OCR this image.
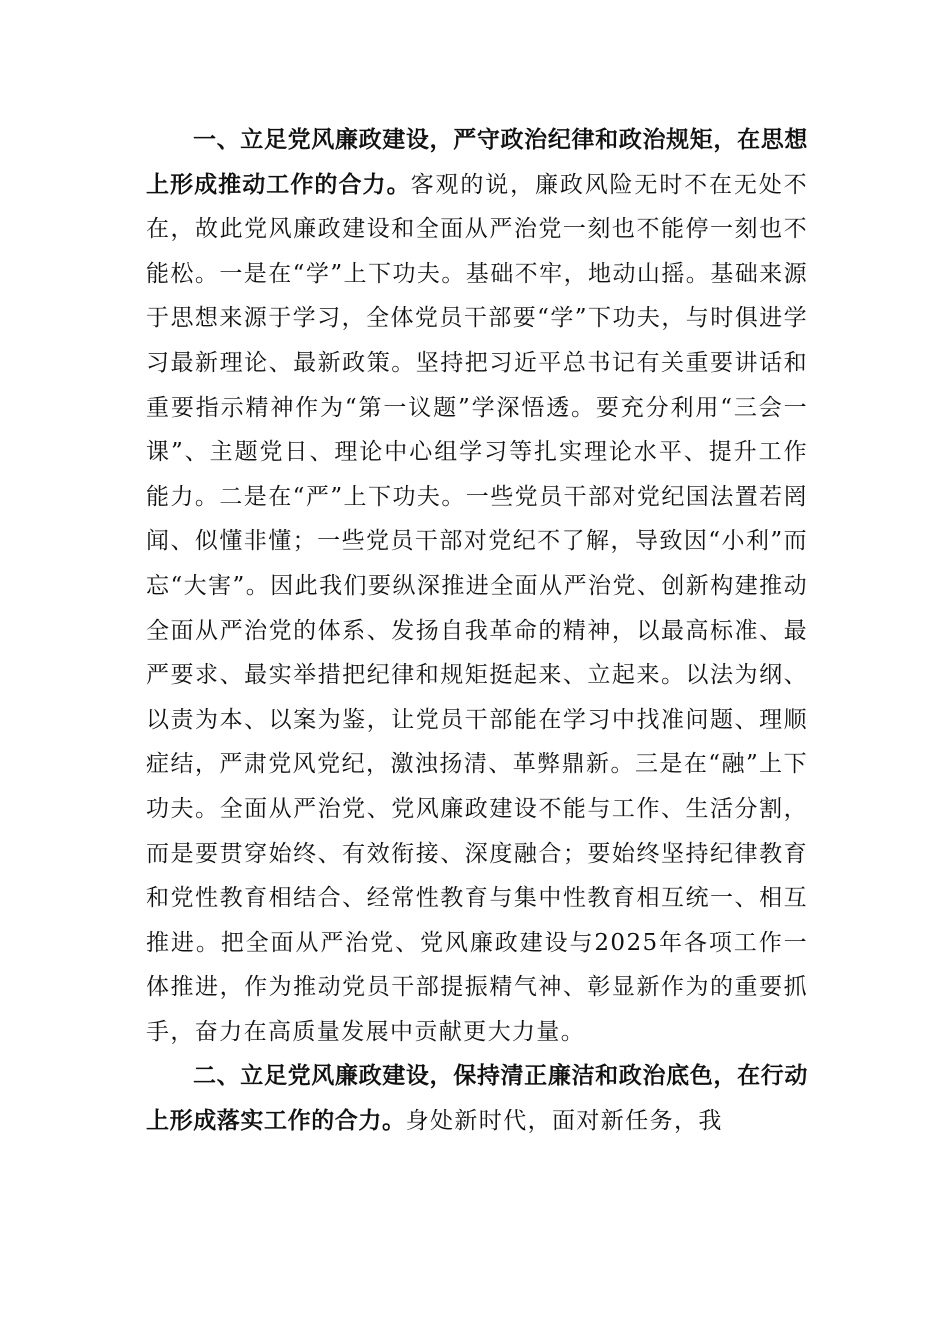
一、立足党风廉政建设，严守政治纪律和政治规矩，在思想上形成推动工作的合力。客观的说，廉政风险无时不在无处不在，故此党风廉政建设和全面从严治党一刻也不能停一刻也不能松。一是在“学”上下功夫。基础不牢，地动山摇。基础来源于思想来源于学习，全体党员干部要“学”下功夫，与时俱进学习最新理论、最新政策。坚持把习近平总书记有关重要讲话和重要指示精神作为“第一议题”学深悟透。要充分利用“三会一课”、主题党日、理论中心组学习等扎实理论水平、提升工作能力。二是在“严”上下功夫。一些党员干部对党纪国法置若罔闻、似懂非懂；一些党员干部对党纪不了解，导致因“小利”而忘“大害”。因此我们要纵深推进全面从严治党、创新构建推动全面从严治党的体系、发扬自我革命的精神，以最高标准、最严要求、最实举措把纪律和规矩挺起来、立起来。以法为纲、以责为本、以案为鉴，让党员干部能在学习中找准问题、理顺症结，严肃党风党纪，激浊扬清、革弊鼎新。三是在“融”上下功夫。全面从严治党、党风廉政建设不能与工作、生活分割，而是要贯穿始终、有效衔接、深度融合；要始终坚持纪律教育和党性教育相结合、经常性教育与集中性教育相互统一、相互推进。把全面从严治党、党风廉政建设与2025年各项工作一体推进，作为推动党员干部提振精气神、彰显新作为的重要抓手，奋力在高质量发展中贡献更大力量。

二、立足党风廉政建设，保持清正廉洁和政治底色，在行动上形成落实工作的合力。身处新时代，面对新任务，我
